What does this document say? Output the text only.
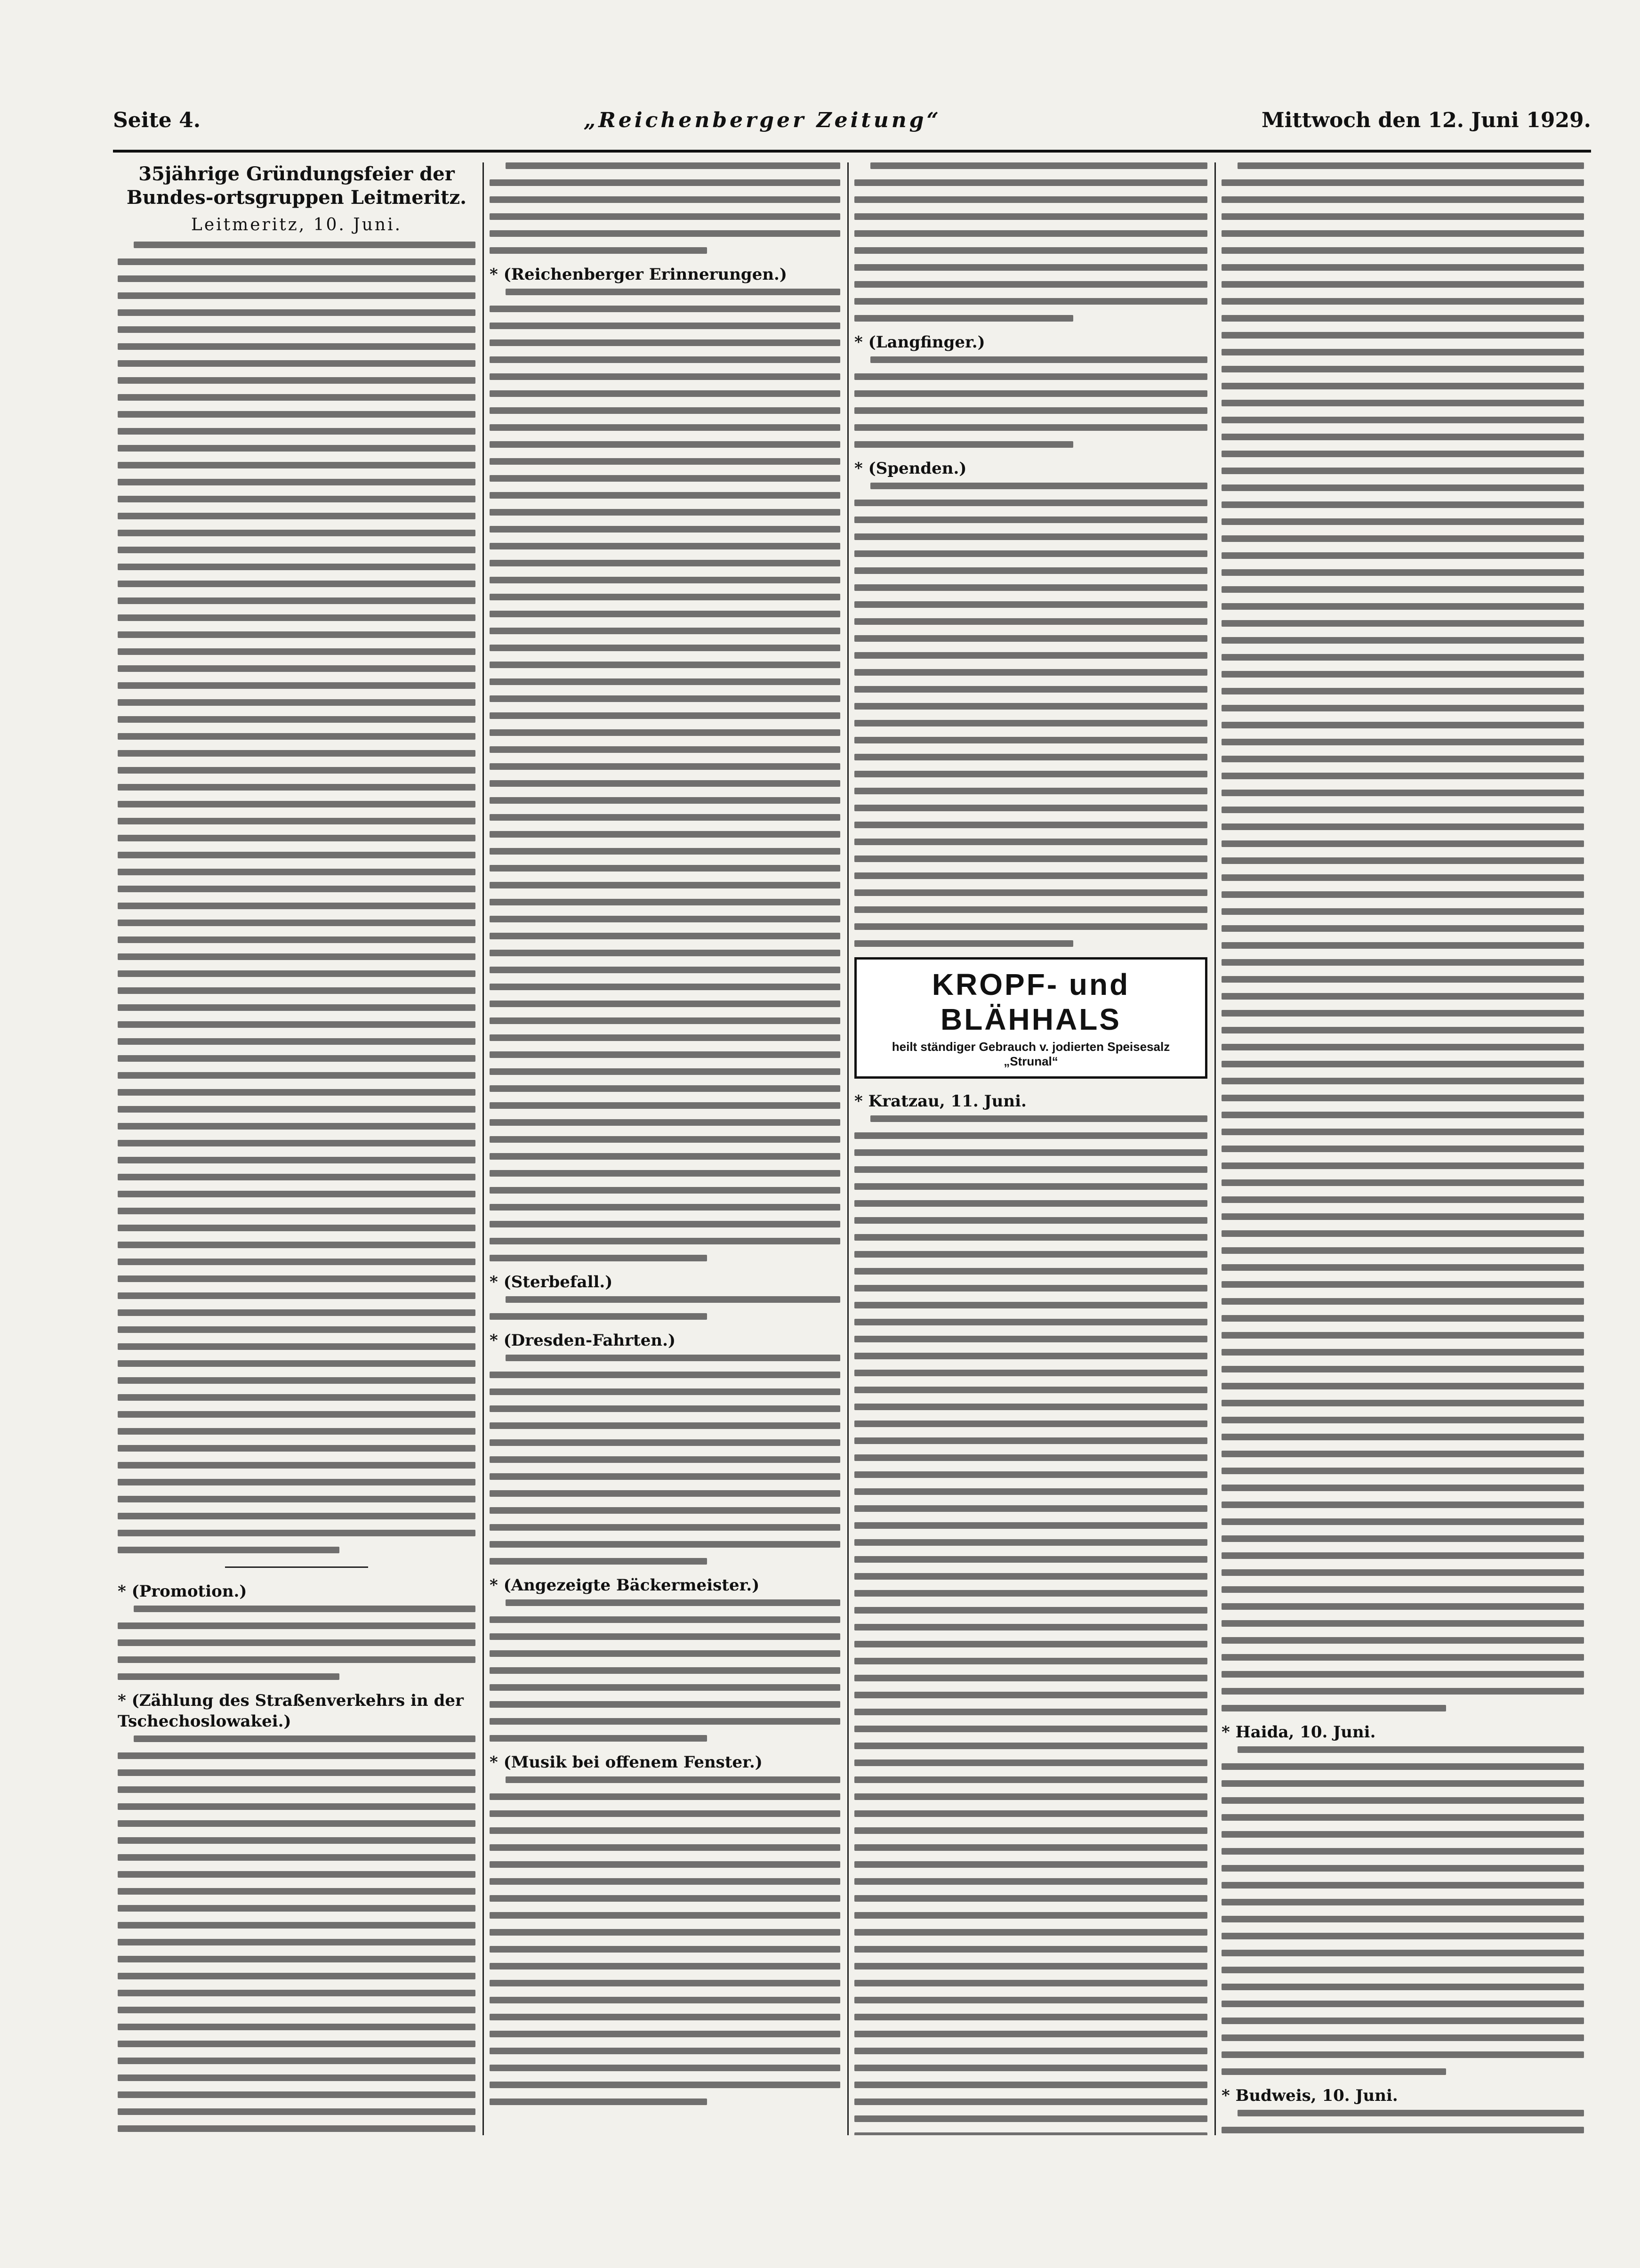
Seite 4.	„Reichenberger Zeitung“	Mittwoch den 12. Juni 1929.
35jährige Gründungsfeier der Bundes-ortsgruppen Leitmeritz.
Leitmeritz, 10. Juni.
* (Promotion.)
* (Zählung des Straßenverkehrs in der Tschechoslowakei.)
* (Reichenberger Erinnerungen.)
* (Sterbefall.)
* (Dresden-Fahrten.)
* (Angezeigte Bäckermeister.)
* (Musik bei offenem Fenster.)
* (Langfinger.)
* (Spenden.)
KROPF- und BLÄHHALS
heilt ständiger Gebrauch v. jodierten Speisesalz „Strunal“
* Kratzau, 11. Juni.
* Haida, 10. Juni.
* Budweis, 10. Juni.
